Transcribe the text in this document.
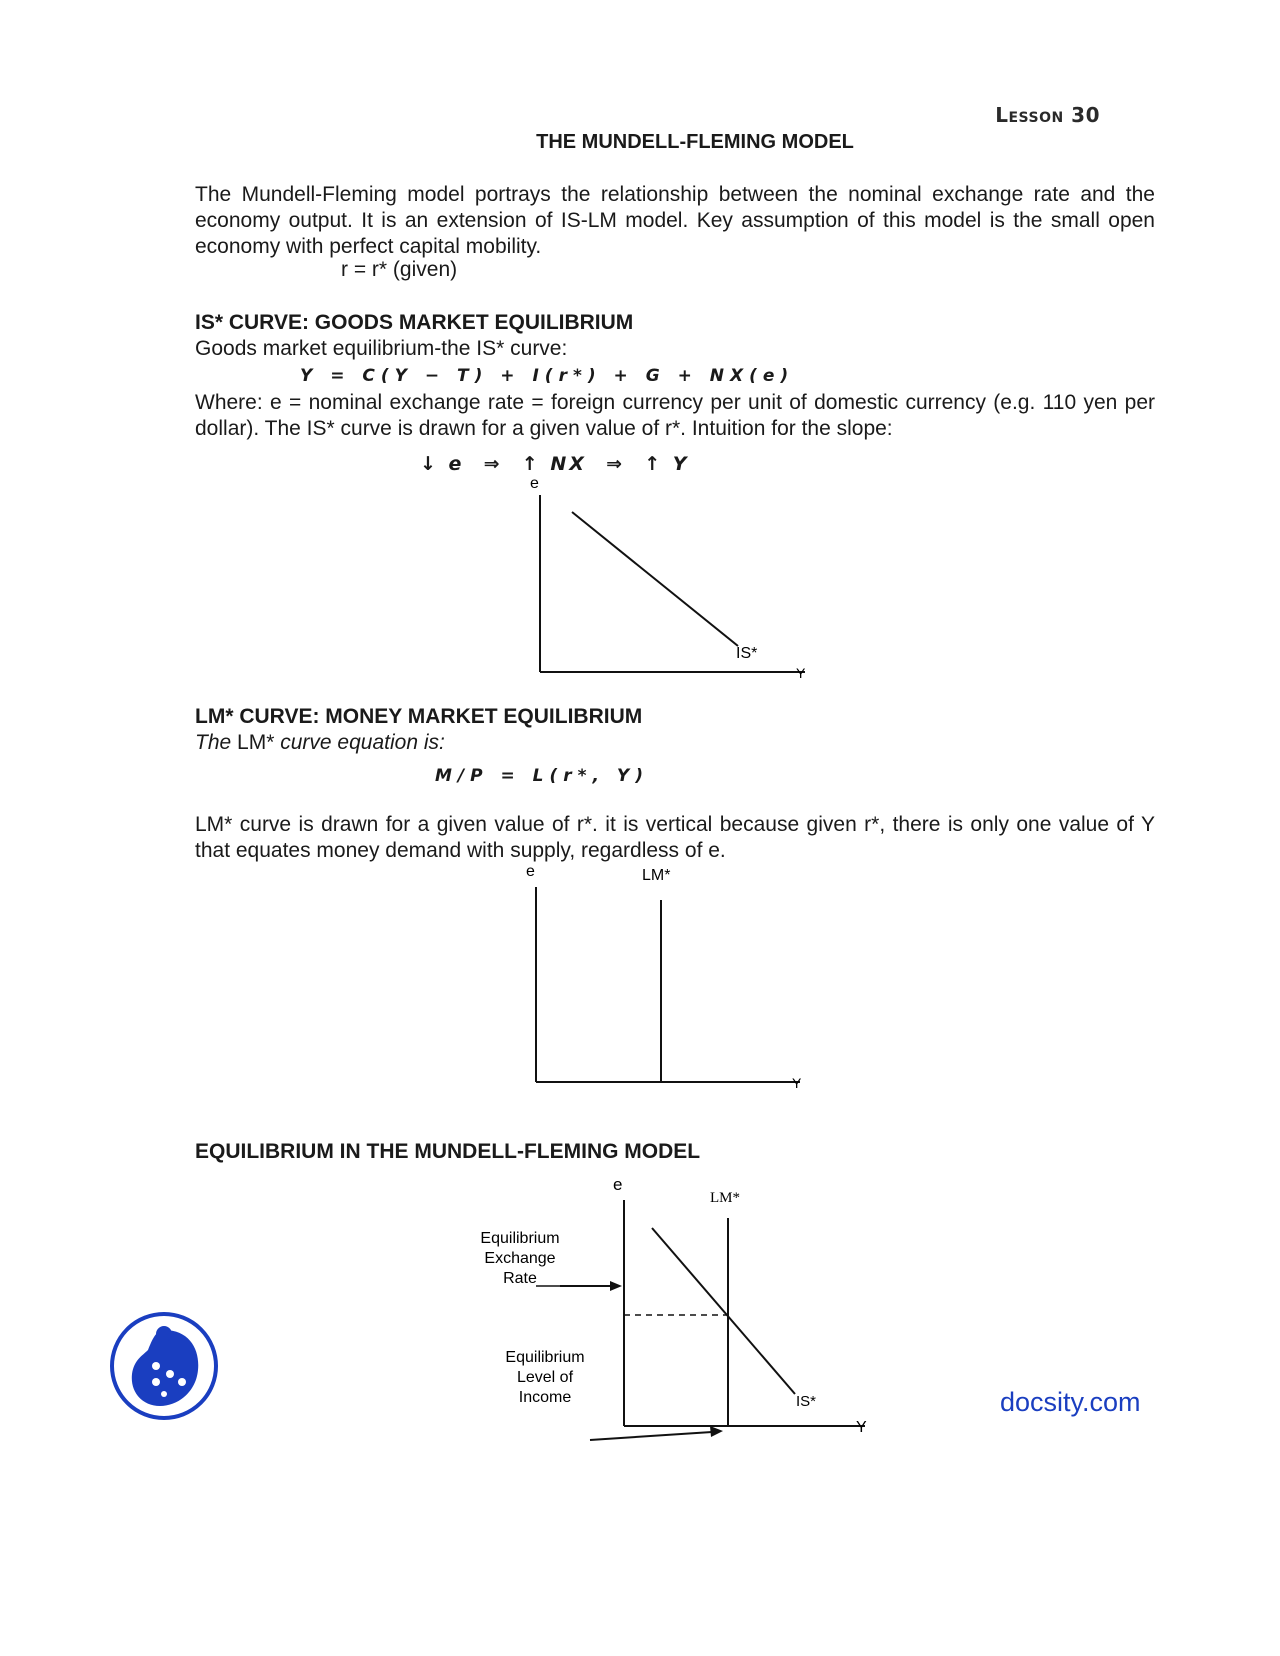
Lesson 30
THE MUNDELL-FLEMING MODEL
The Mundell-Fleming model portrays the relationship between the nominal exchange rate and the economy output. It is an extension of IS-LM model. Key assumption of this model is the small open economy with perfect capital mobility.
r = r* (given)
IS* CURVE: GOODS MARKET EQUILIBRIUM
Goods market equilibrium-the IS* curve:
Y = C(Y − T) + I(r*) + G + NX(e)
Where: e = nominal exchange rate = foreign currency per unit of domestic currency (e.g. 110 yen per dollar). The IS* curve is drawn for a given value of r*. Intuition for the slope:
↓ e  ⇒  ↑ NX  ⇒  ↑ Y
e
Y
IS*
LM* CURVE: MONEY MARKET EQUILIBRIUM
The LM* curve equation is:
M/P = L(r*, Y)
LM* curve is drawn for a given value of r*. it is vertical because given r*, there is only one value of Y that equates money demand with supply, regardless of e.
e
Y
LM*
EQUILIBRIUM IN THE MUNDELL-FLEMING MODEL
e
Y
LM*
IS*
Equilibrium
Exchange
Rate
Equilibrium
Level of
Income	docsity.com
